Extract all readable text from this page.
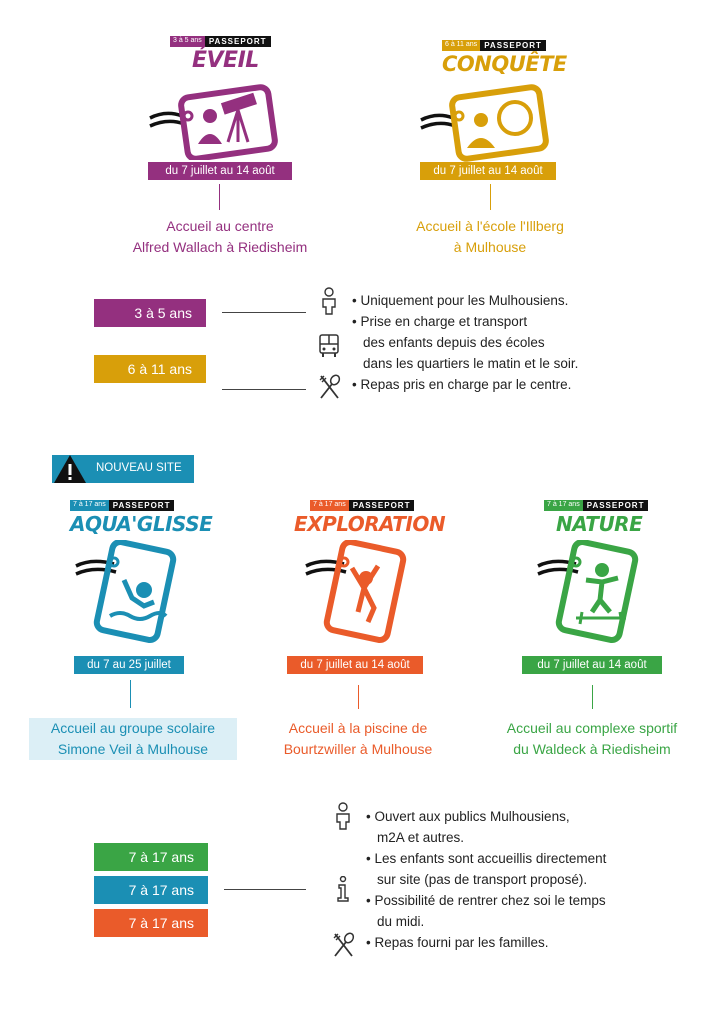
3 à 5 ans PASSEPORT
ÉVEIL
du 7 juillet au 14 août
Accueil au centre
Alfred Wallach à Riedisheim
6 à 11 ans PASSEPORT
CONQUÊTE
du 7 juillet au 14 août
Accueil à l'école l'Illberg
à Mulhouse
3 à 5 ans
6 à 11 ans
• Uniquement pour les Mulhousiens.
• Prise en charge et transport
des enfants depuis des écoles
dans les quartiers le matin et le soir.
• Repas pris en charge par le centre.
NOUVEAU SITE
7 à 17 ans PASSEPORT
AQUA'GLISSE
du 7 au 25 juillet
Accueil au groupe scolaire
Simone Veil à Mulhouse
7 à 17 ans PASSEPORT
EXPLORATION
du 7 juillet au 14 août
Accueil à la piscine de
Bourtzwiller à Mulhouse
7 à 17 ans PASSEPORT
NATURE
du 7 juillet au 14 août
Accueil au complexe sportif
du Waldeck à Riedisheim
7 à 17 ans
7 à 17 ans
7 à 17 ans
• Ouvert aux publics Mulhousiens,
m2A et autres.
• Les enfants sont accueillis directement
sur site (pas de transport proposé).
• Possibilité de rentrer chez soi le temps
du midi.
• Repas fourni par les familles.
